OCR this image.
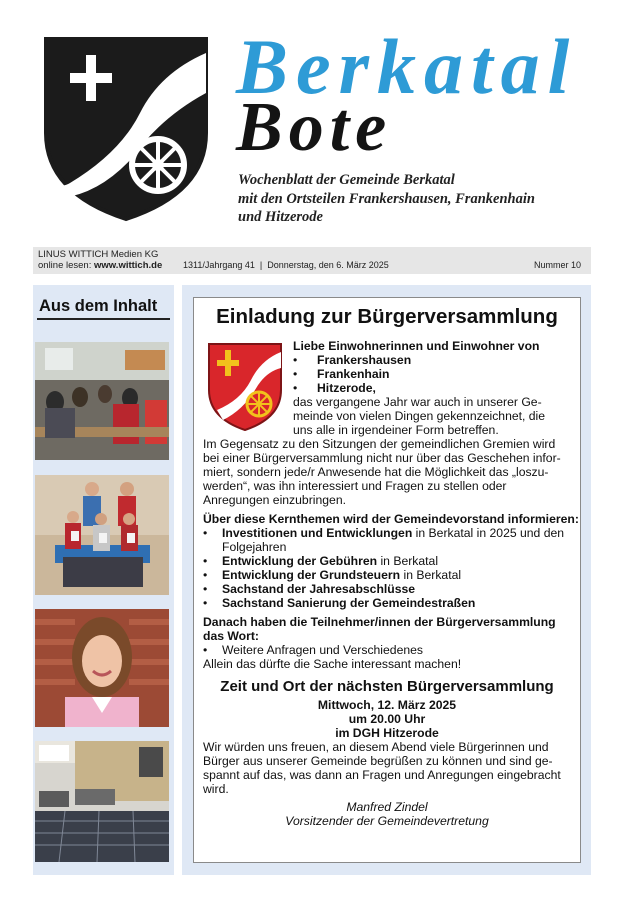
Berkatal
Bote
Wochenblatt der Gemeinde Berkatal
mit den Ortsteilen Frankershausen, Frankenhain
und Hitzerode
LINUS WITTICH Medien KG
online lesen: www.wittich.de 1311/Jahrgang 41  |  Donnerstag, den 6. März 2025	Nummer 10
Aus dem Inhalt	Einladung zur Bürgerversammlung
Liebe Einwohnerinnen und Einwohner von
• Frankershausen
• Frankenhain
• Hitzerode,
das vergangene Jahr war auch in unserer Ge-
meinde von vielen Dingen gekennzeichnet, die
uns alle in irgendeiner Form betreffen.
Im Gegensatz zu den Sitzungen der gemeindlichen Gremien wird
bei einer Bürgerversammlung nicht nur über das Geschehen infor-
miert, sondern jede/r Anwesende hat die Möglichkeit das „loszu-
werden“, was ihn interessiert und Fragen zu stellen oder
Anregungen einzubringen.
Über diese Kernthemen wird der Gemeindevorstand informieren:
• Investitionen und Entwicklungen in Berkatal in 2025 und den
Folgejahren
• Entwicklung der Gebühren in Berkatal
• Entwicklung der Grundsteuern in Berkatal
• Sachstand der Jahresabschlüsse
• Sachstand Sanierung der Gemeindestraßen
Danach haben die Teilnehmer/innen der Bürgerversammlung
das Wort:
• Weitere Anfragen und Verschiedenes
Allein das dürfte die Sache interessant machen!
Zeit und Ort der nächsten Bürgerversammlung
Mittwoch, 12. März 2025
um 20.00 Uhr
im DGH Hitzerode
Wir würden uns freuen, an diesem Abend viele Bürgerinnen und
Bürger aus unserer Gemeinde begrüßen zu können und sind ge-
spannt auf das, was dann an Fragen und Anregungen eingebracht
wird.
Manfred Zindel
Vorsitzender der Gemeindevertretung
